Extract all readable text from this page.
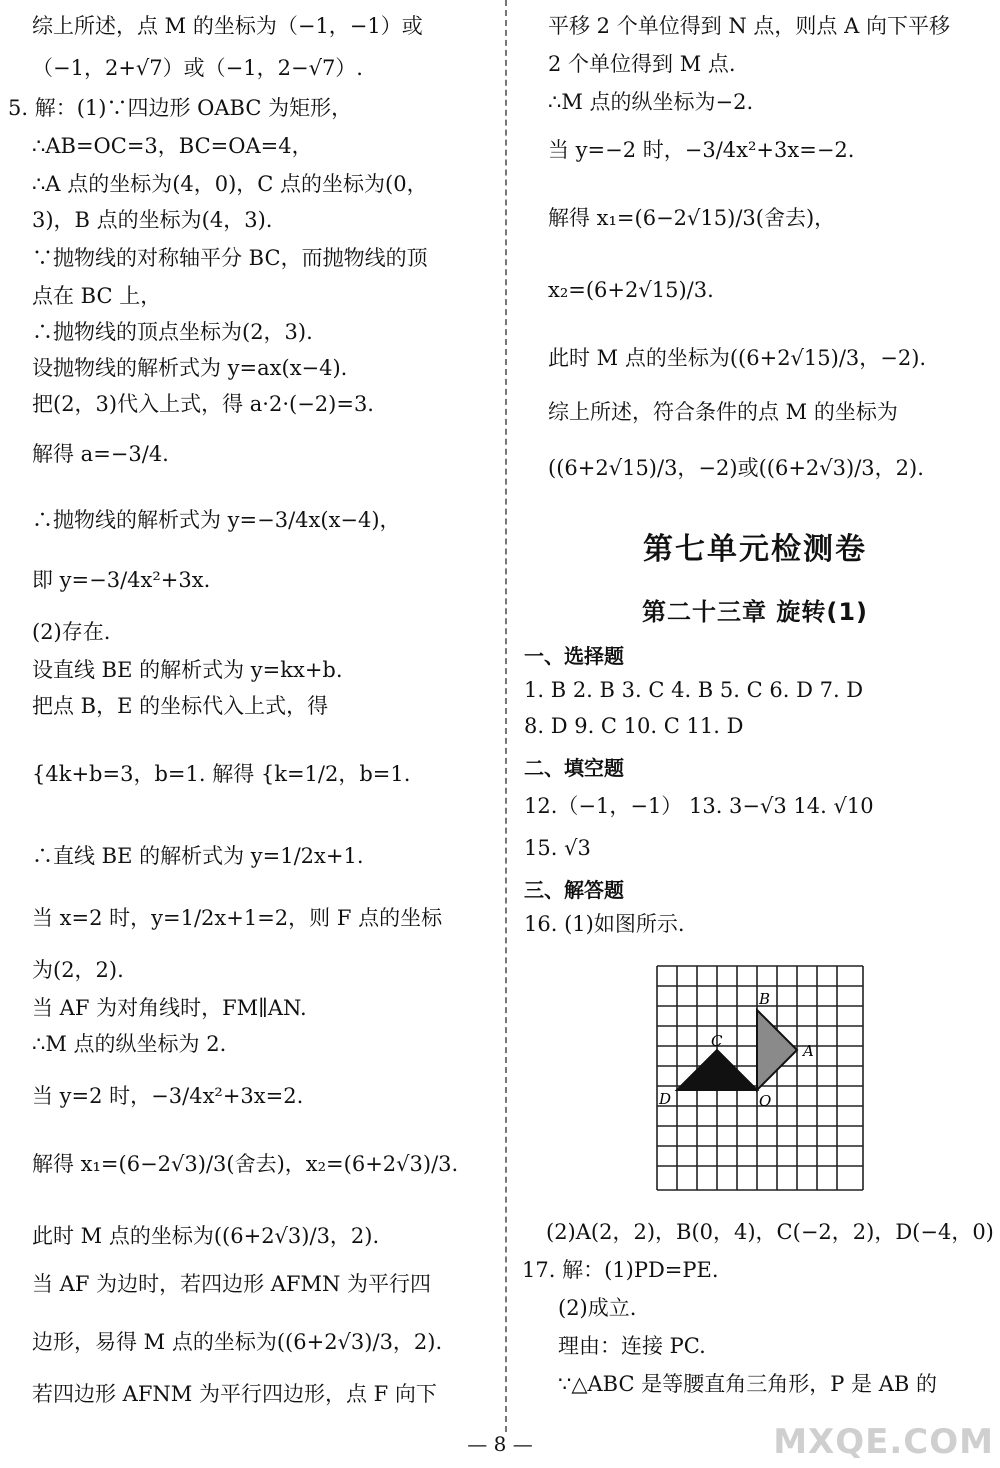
综上所述，点 M 的坐标为（−1，−1）或
（−1，2+√7）或（−1，2−√7）.
5. 解：(1)∵四边形 OABC 为矩形，
∴AB=OC=3，BC=OA=4，
∴A 点的坐标为(4，0)，C 点的坐标为(0，
3)，B 点的坐标为(4，3).
∵抛物线的对称轴平分 BC，而抛物线的顶
点在 BC 上，
∴抛物线的顶点坐标为(2，3).
设抛物线的解析式为 y=ax(x−4).
把(2，3)代入上式，得 a·2·(−2)=3.
解得 a=−3/4.
∴抛物线的解析式为 y=−3/4x(x−4)，
即 y=−3/4x²+3x.
(2)存在.
设直线 BE 的解析式为 y=kx+b.
把点 B，E 的坐标代入上式，得
{4k+b=3，b=1. 解得 {k=1/2，b=1.
∴直线 BE 的解析式为 y=1/2x+1.
当 x=2 时，y=1/2x+1=2，则 F 点的坐标
为(2，2).
当 AF 为对角线时，FM∥AN.
∴M 点的纵坐标为 2.
当 y=2 时，−3/4x²+3x=2.
解得 x₁=(6−2√3)/3(舍去)，x₂=(6+2√3)/3.
此时 M 点的坐标为((6+2√3)/3，2).
当 AF 为边时，若四边形 AFMN 为平行四
边形，易得 M 点的坐标为((6+2√3)/3，2).
若四边形 AFNM 为平行四边形，点 F 向下
平移 2 个单位得到 N 点，则点 A 向下平移
2 个单位得到 M 点.
∴M 点的纵坐标为−2.
当 y=−2 时，−3/4x²+3x=−2.
解得 x₁=(6−2√15)/3(舍去)，
x₂=(6+2√15)/3.
此时 M 点的坐标为((6+2√15)/3，−2).
综上所述，符合条件的点 M 的坐标为
((6+2√15)/3，−2)或((6+2√3)/3，2).
第七单元检测卷
第二十三章 旋转(1)
一、选择题
1. B 2. B 3. C 4. B 5. C 6. D 7. D
8. D 9. C 10. C 11. D
二、填空题
12.（−1，−1） 13. 3−√3 14. √10
15. √3
三、解答题
16. (1)如图所示.
(2)A(2，2)，B(0，4)，C(−2，2)，D(−4，0)
17. 解：(1)PD=PE.
(2)成立.
理由：连接 PC.
∵△ABC 是等腰直角三角形，P 是 AB 的
B
C
A
D	O
— 8 —	MXQE.COM
